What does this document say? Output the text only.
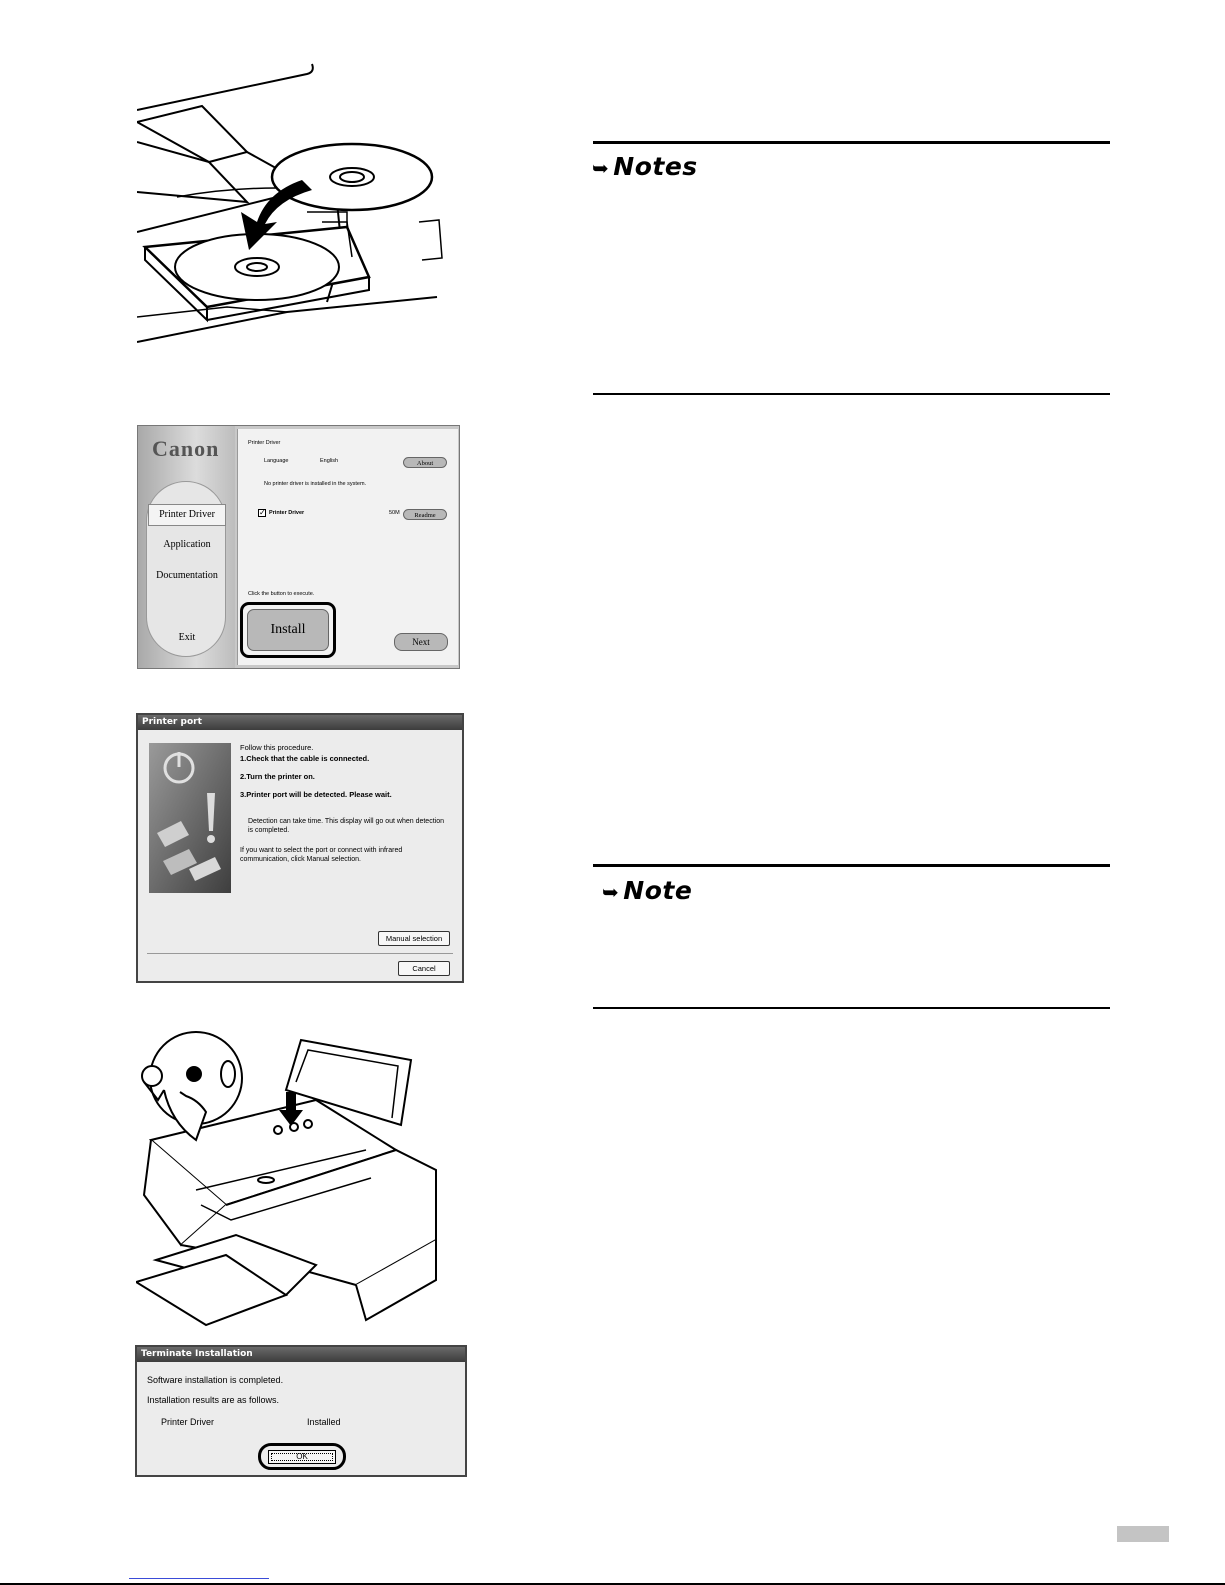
➥ Notes
Canon
Printer Driver
Application
Documentation
Exit
Printer Driver
Language	English	About
No printer driver is installed in the system.
✓ Printer Driver	50M	Readme
Click the button to execute.
Install
Next
Printer port
Follow this procedure.
1.Check that the cable is connected.
2.Turn the printer on.
3.Printer port will be detected. Please wait.
Detection can take time. This display will go out when detection
is completed.
If you want to select the port or connect with infrared
communication, click Manual selection.
Manual selection
Cancel
➥ Note
Terminate Installation
Software installation is completed.
Installation results are as follows.
Printer Driver	Installed
OK
